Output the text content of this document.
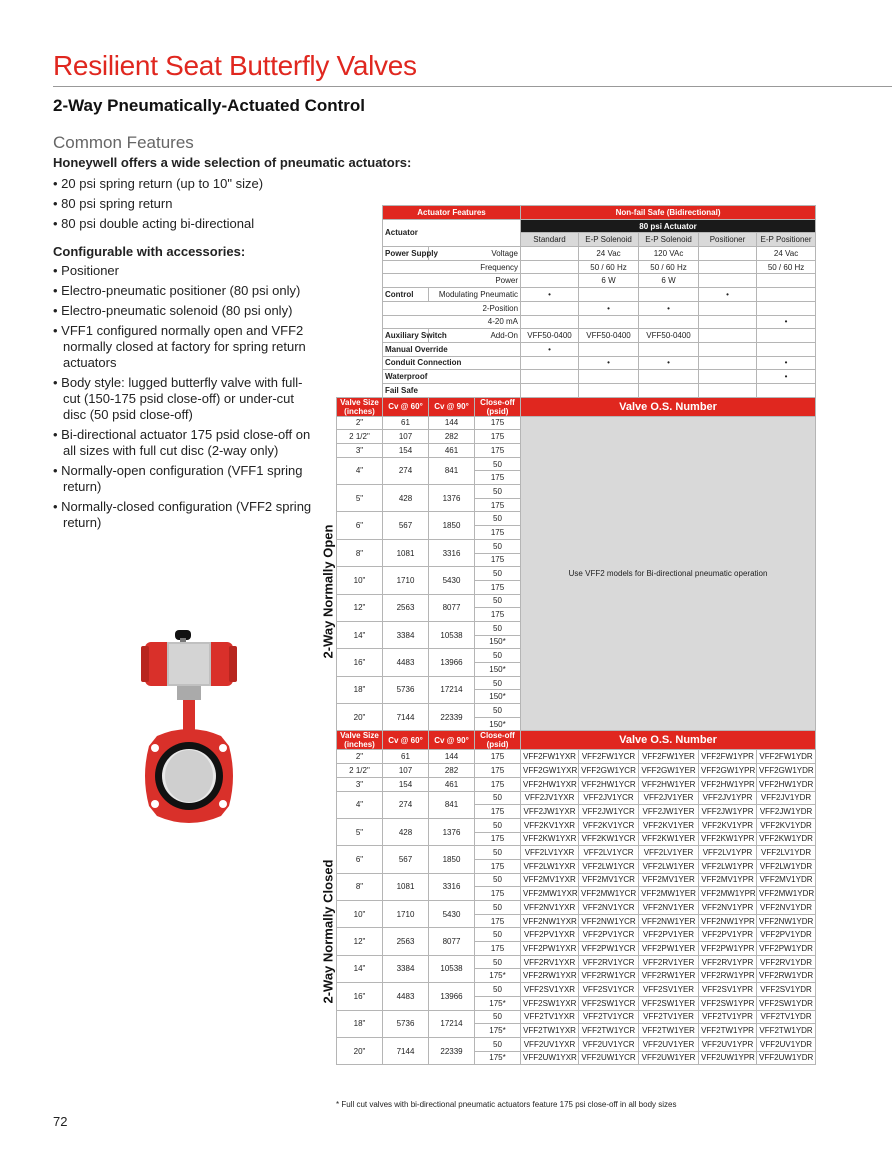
Resilient Seat Butterfly Valves
2-Way Pneumatically-Actuated Control
Common Features
Honeywell offers a wide selection of pneumatic actuators:
• 20 psi spring return (up to 10" size)
• 80 psi spring return
• 80 psi double acting bi-directional
Configurable with accessories:
• Positioner
• Electro-pneumatic positioner (80 psi only)
• Electro-pneumatic solenoid (80 psi only)
• VFF1 configured normally open and VFF2 normally closed at factory for spring return actuators
• Body style: lugged butterfly valve with full-cut (150-175 psid close-off) or under-cut disc (50 psid close-off)
• Bi-directional actuator 175 psid close-off on all sizes with full cut disc (2-way only)
• Normally-open configuration (VFF1 spring return)
• Normally-closed configuration (VFF2 spring return)
2-Way Normally Open
2-Way Normally Closed
	Actuator Features			Non-fail Safe (Bidirectional)				
	Actuator			80 psi Actuator				
				Standard	E-P Solenoid	E-P Solenoid	Positioner	E-P Positioner
	Power Supply	Voltage			24 Vac	120 VAc		24 Vac
	Frequency				50 / 60 Hz	50 / 60 Hz		50 / 60 Hz
	Power				6 W	6 W		
	Control	Modulating Pneumatic		•			•	
	2-Position				•	•		
	4-20 mA							•
	Auxiliary Switch	Add-On		VFF50-0400	VFF50-0400	VFF50-0400		
	Manual Override			•				
	Conduit Connection				•	•		•
	Waterproof							•
	Fail Safe							
Valve Size
(inches)	Cv @ 60°	Cv @ 90°	Close-off
(psid)	Valve O.S. Number				
2"	61	144	175	Use VFF2 models for Bi-directional pneumatic operation				
2 1/2"	107	282	175					
3"	154	461	175					
4"	274	841	50					
			175					
5"	428	1376	50					
			175					
6"	567	1850	50					
			175					
8"	1081	3316	50					
			175					
10"	1710	5430	50					
			175					
12"	2563	8077	50					
			175					
14"	3384	10538	50					
			150*					
16"	4483	13966	50					
			150*					
18"	5736	17214	50					
			150*					
20"	7144	22339	50					
			150*					
Valve Size
(inches)	Cv @ 60°	Cv @ 90°	Close-off
(psid)	Valve O.S. Number				
2"	61	144	175	VFF2FW1YXR	VFF2FW1YCR	VFF2FW1YER	VFF2FW1YPR	VFF2FW1YDR
2 1/2"	107	282	175	VFF2GW1YXR	VFF2GW1YCR	VFF2GW1YER	VFF2GW1YPR	VFF2GW1YDR
3"	154	461	175	VFF2HW1YXR	VFF2HW1YCR	VFF2HW1YER	VFF2HW1YPR	VFF2HW1YDR
4"	274	841	50	VFF2JV1YXR	VFF2JV1YCR	VFF2JV1YER	VFF2JV1YPR	VFF2JV1YDR
			175	VFF2JW1YXR	VFF2JW1YCR	VFF2JW1YER	VFF2JW1YPR	VFF2JW1YDR
5"	428	1376	50	VFF2KV1YXR	VFF2KV1YCR	VFF2KV1YER	VFF2KV1YPR	VFF2KV1YDR
			175	VFF2KW1YXR	VFF2KW1YCR	VFF2KW1YER	VFF2KW1YPR	VFF2KW1YDR
6"	567	1850	50	VFF2LV1YXR	VFF2LV1YCR	VFF2LV1YER	VFF2LV1YPR	VFF2LV1YDR
			175	VFF2LW1YXR	VFF2LW1YCR	VFF2LW1YER	VFF2LW1YPR	VFF2LW1YDR
8"	1081	3316	50	VFF2MV1YXR	VFF2MV1YCR	VFF2MV1YER	VFF2MV1YPR	VFF2MV1YDR
			175	VFF2MW1YXR	VFF2MW1YCR	VFF2MW1YER	VFF2MW1YPR	VFF2MW1YDR
10"	1710	5430	50	VFF2NV1YXR	VFF2NV1YCR	VFF2NV1YER	VFF2NV1YPR	VFF2NV1YDR
			175	VFF2NW1YXR	VFF2NW1YCR	VFF2NW1YER	VFF2NW1YPR	VFF2NW1YDR
12"	2563	8077	50	VFF2PV1YXR	VFF2PV1YCR	VFF2PV1YER	VFF2PV1YPR	VFF2PV1YDR
			175	VFF2PW1YXR	VFF2PW1YCR	VFF2PW1YER	VFF2PW1YPR	VFF2PW1YDR
14"	3384	10538	50	VFF2RV1YXR	VFF2RV1YCR	VFF2RV1YER	VFF2RV1YPR	VFF2RV1YDR
			175*	VFF2RW1YXR	VFF2RW1YCR	VFF2RW1YER	VFF2RW1YPR	VFF2RW1YDR
16"	4483	13966	50	VFF2SV1YXR	VFF2SV1YCR	VFF2SV1YER	VFF2SV1YPR	VFF2SV1YDR
			175*	VFF2SW1YXR	VFF2SW1YCR	VFF2SW1YER	VFF2SW1YPR	VFF2SW1YDR
18"	5736	17214	50	VFF2TV1YXR	VFF2TV1YCR	VFF2TV1YER	VFF2TV1YPR	VFF2TV1YDR
			175*	VFF2TW1YXR	VFF2TW1YCR	VFF2TW1YER	VFF2TW1YPR	VFF2TW1YDR
20"	7144	22339	50	VFF2UV1YXR	VFF2UV1YCR	VFF2UV1YER	VFF2UV1YPR	VFF2UV1YDR
			175*	VFF2UW1YXR	VFF2UW1YCR	VFF2UW1YER	VFF2UW1YPR	VFF2UW1YDR
* Full cut valves with bi-directional pneumatic actuators feature 175 psi close-off in all body sizes
72
